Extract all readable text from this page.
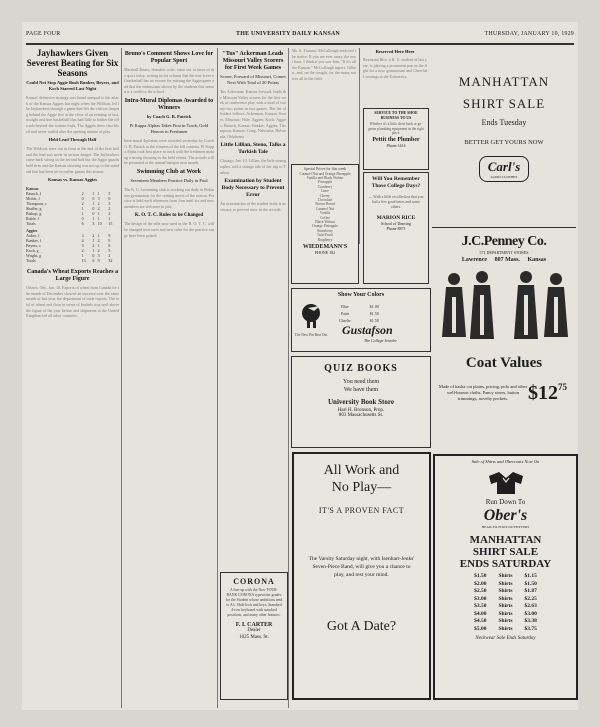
PAGE FOUR	THE UNIVERSITY DAILY KANSAN	THURSDAY, JANUARY 10, 1929
Jayhawkers Given Severest Beating for Six Seasons
Could Not Stop Aggie Bush Bunker, Beyers, and Koch Starred Last Night
Kansas' defensive strategy was found unequal to the attack of the Kansas Aggies last night when the Wildcats led the Jayhawkers through a game that left the visitors limping behind the Aggie five at the close of an evening of fast, straight and fine basketball that had little to bother the officials beyond the routine fouls. The Aggies drew first blood and never trailed after the opening minute of play.
Held Lead Through Half
The Wildcats were out in front at the end of the first half and the lead was never in serious danger. The Jayhawkers came back strong in the second half but the Aggie guards held firm and the Kansas shooting was not up to the standard that has been set in earlier games this season.
Kansas vs. Kansas Aggies
Kansas				
Bausch, f	2	1	1	5
Moltis, f	0	0	3	0
Thompson, c	2	1	2	5
Shaffer, g	1	0	2	2
Bishop, g	1	0	1	2
Ruble, f	0	1	1	1
Totals	6	3	10	15
Aggies				
Auker, f	3	2	1	8
Bunker, f	4	1	2	9
Beyers, c	3	2	1	8
Koch, g	2	1	2	5
Wright, g	1	0	3	2
Totals	13	6	9	32
Canada's Wheat Exports Reaches a Large Figure
Ottawa, Ont., Jan. 10. Exports of wheat from Canada for the month of December showed an increase over the same month of last year, the department of trade reports. The total of wheat and flour in terms of bushels was well above the figure of the year before and shipments to the United Kingdom led all other countries.
Bruno's Comment Shows Love for Popular Sport
Marshall Bruno, dramatic critic, came out in favor of the sport today, writing in his column that the true lover of basketball has no excuse for missing the Aggie game and that the enthusiasm shown by the students this season is a credit to the school.
Intra-Mural Diplomas Awarded to Winners
by Coach G. B. Patrick
Pi Kappa Alphas Takes First in Track; Gold Honors to Freshmen
Intra-mural diplomas were awarded yesterday by Coach G. B. Patrick to the winners of the fall contests. Pi Kappa Alpha took first place in track with the freshmen making a strong showing in the field events. The awards will be presented at the annual banquet next month.
Swimming Club at Work
Seventeen Members Practice Daily in Pool
The K. U. swimming club is working out daily in Robinson gymnasium for the coming meets of the season. Practice is held each afternoon from four until six and new members are welcome to join.
K. O. T. C. Rules to be Changed
The design of the rifle now used in the R. O. T. C. will be changed next term and new rules for the practice range have been posted.
"Tus" Ackerman Leads Missouri Valley Scorers for First Week Games
Scorer, Forward of Missouri, Comes Next With Total of 20 Points
Tus Ackerman, Kansas forward, leads the Missouri Valley scorers for the first week of conference play with a total of twenty-two points in two games. The list of leaders follows: Ackerman, Kansas; Scorer, Missouri; Hale, Aggies; Koch, Aggies; Bausch, Kansas; Bunker, Aggies; Thompson, Kansas; Craig, Nebraska; Holwerda, Oklahoma.
Little Lillian, Steno, Talks a Turkish Tale
Chicago, Jan. 10. Lillian, the little stenographer, told a strange tale of her trip to Turkey.
Examination by Student Body Necessary to Prevent Error
An examination of the student body is necessary to prevent error in the records.
CORONA
A line-up with the New FOUR-BANK CORONA typewriter grades for the Student whose ambitions tend to A's. Shift-lock and keys, Standard 4-row keyboard with standard positions, and many other features.
F. I. CARTER
Dealer
1025 Mass. St.
Mr. A. Tourant, McCullough enclosed the notice: If you are ever away, the next time, I think it you saw him, "If it's all the Kansan." McCullough aspect: Gilbert, and, on the tonight, for the many notices all in the field.
Special Prices for this week
Caramel Nut and Orange Pineapple
Vanilla and Black Walnut
Pineapple
Cranberry
Lime
Cherry
Chocolate
Brown Bread
Caramel Nut
Vanilla
Coffee
Black Walnut
Orange Pineapple
Strawberry
Tutti-Frutti
Raspberry
WIEDEMANN'S
PHONE 182
Reserved Here Here
Raymond Bice, a K. U. student of last year, is playing a prominent part in the fight for a new gymnasium and Cheerful Crossings at the University.
SERVICE TO THE SHOE BUSINESS TO US
Whether it's a little chest back or go-getter plumbing equipment in the right place.
Pettit the Plumber
Phone 1414
Will You Remember Those College Days?
— With a little recollection that you had a few good times and some others.
MARION RICE
School of Dancing
Phone 8871
Show Your Colors
The New Pin Rest Out
Blue	$1.00
Paint	$1.50
Charlie	$1.50
Gustafson
The College Jeweler
QUIZ BOOKS
You need them
We have them
University Book Store
Harl H. Bronson, Prop.
803 Massachusetts St.
All Work and
No Play—
IT'S A PROVEN FACT
The Varsity Saturday night, with Isenhart-Jenks' Seven-Piece Band, will give you a chance to play, and rest your mind.
Got A Date?
MANHATTAN
SHIRT SALE
Ends Tuesday
BETTER GET YOURS NOW
Carl's
GOOD CLOTHES
J.C.Penney Co.
571 DEPARTMENT STORES
Lawrence 807 Mass. Kansas
Coat Values
Made of kasha cut plains, pricing, polo and other well-known cloths. Fancy stores, button trimmings, novelty pockets. $\$12^{75}$
Sale of Shirts and Obercoats Now On
Run Down To
Ober's
HEAD-TO-FOOT OUTFITTERS
MANHATTAN
SHIRT SALE
ENDS SATURDAY
$1.50	Shirts	$1.15
$2.00	Shirts	$1.50
$2.50	Shirts	$1.87
$3.00	Shirts	$2.25
$3.50	Shirts	$2.63
$4.00	Shirts	$3.00
$4.50	Shirts	$3.38
$5.00	Shirts	$3.75
Neckwear Sale Ends Saturday
